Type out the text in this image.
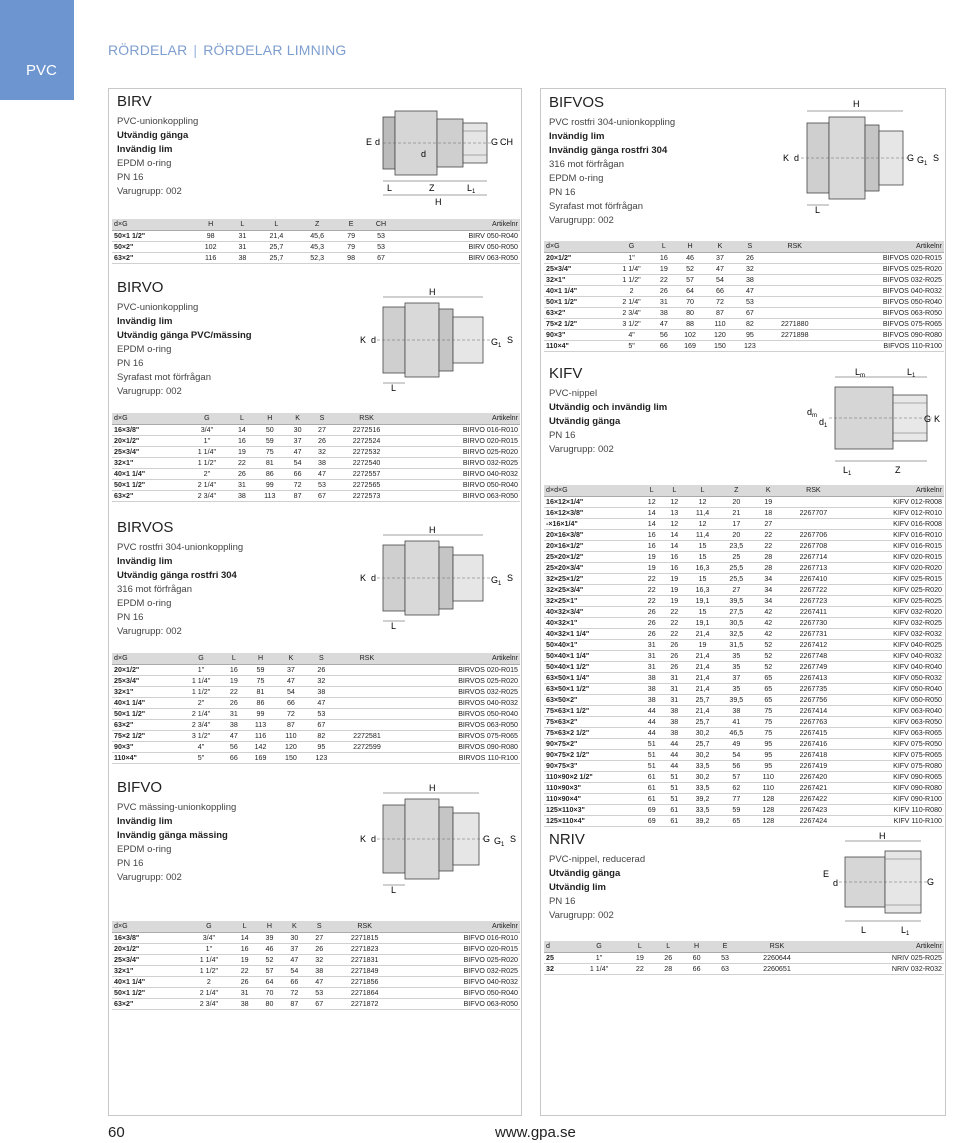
PVC
RÖRDELAR | RÖRDELAR LIMNING
BIRV
PVC-unionkoppling
Utvändig gänga
Invändig lim
EPDM o-ring
PN 16
Varugrupp: 002
E d	G CH
d
L	Z	$L_1$
H
d×G	H	L	L	Z	E	CH	Artikelnr
50×1 1/2"	98	31	21,4	45,6	79	53	BIRV 050-R040
50×2"	102	31	25,7	45,3	79	53	BIRV 050-R050
63×2"	116	38	25,7	52,3	98	67	BIRV 063-R050
BIRVO
PVC-unionkoppling
Invändig lim
Utvändig gänga PVC/mässing
EPDM o-ring
PN 16
Syrafast mot förfrågan
Varugrupp: 002
H
K d	$G_1$
S
L
d×G	G	L	H	K	S	RSK	Artikelnr
16×3/8"	3/4"	14	50	30	27	2272516	BIRVO 016-R010
20×1/2"	1"	16	59	37	26	2272524	BIRVO 020-R015
25×3/4"	1 1/4"	19	75	47	32	2272532	BIRVO 025-R020
32×1"	1 1/2"	22	81	54	38	2272540	BIRVO 032-R025
40×1 1/4"	2"	26	86	66	47	2272557	BIRVO 040-R032
50×1 1/2"	2 1/4"	31	99	72	53	2272565	BIRVO 050-R040
63×2"	2 3/4"	38	113	87	67	2272573	BIRVO 063-R050
BIRVOS
PVC rostfri 304-unionkoppling
Invändig lim
Utvändig gänga rostfri 304
316 mot förfrågan
EPDM o-ring
PN 16
Varugrupp: 002
H
K d	$G_1$
S
L
d×G	G	L	H	K	S	RSK	Artikelnr
20×1/2"	1"	16	59	37	26		BIRVOS 020-R015
25×3/4"	1 1/4"	19	75	47	32		BIRVOS 025-R020
32×1"	1 1/2"	22	81	54	38		BIRVOS 032-R025
40×1 1/4"	2"	26	86	66	47		BIRVOS 040-R032
50×1 1/2"	2 1/4"	31	99	72	53		BIRVOS 050-R040
63×2"	2 3/4"	38	113	87	67		BIRVOS 063-R050
75×2 1/2"	3 1/2"	47	116	110	82	2272581	BIRVOS 075-R065
90×3"	4"	56	142	120	95	2272599	BIRVOS 090-R080
110×4"	5"	66	169	150	123		BIRVOS 110-R100
BIFVO
PVC mässing-unionkoppling
Invändig lim
Invändig gänga mässing
EPDM o-ring
PN 16
Varugrupp: 002
H
K d	G $G_1$
S
L
d×G	G	L	H	K	S	RSK	Artikelnr
16×3/8"	3/4"	14	39	30	27	2271815	BIFVO 016-R010
20×1/2"	1"	16	46	37	26	2271823	BIFVO 020-R015
25×3/4"	1 1/4"	19	52	47	32	2271831	BIFVO 025-R020
32×1"	1 1/2"	22	57	54	38	2271849	BIFVO 032-R025
40×1 1/4"	2	26	64	66	47	2271856	BIFVO 040-R032
50×1 1/2"	2 1/4"	31	70	72	53	2271864	BIFVO 050-R040
63×2"	2 3/4"	38	80	87	67	2271872	BIFVO 063-R050
BIFVOS
PVC rostfri 304-unionkoppling
Invändig lim
Invändig gänga rostfri 304
316 mot förfrågan
EPDM o-ring
PN 16
Syrafast mot förfrågan
Varugrupp: 002
H
K d	G $G_1$
S
L
d×G	G	L	H	K	S	RSK	Artikelnr
20×1/2"	1"	16	46	37	26		BIFVOS 020-R015
25×3/4"	1 1/4"	19	52	47	32		BIFVOS 025-R020
32×1"	1 1/2"	22	57	54	38		BIFVOS 032-R025
40×1 1/4"	2	26	64	66	47		BIFVOS 040-R032
50×1 1/2"	2 1/4"	31	70	72	53		BIFVOS 050-R040
63×2"	2 3/4"	38	80	87	67		BIFVOS 063-R050
75×2 1/2"	3 1/2"	47	88	110	82	2271880	BIFVOS 075-R065
90×3"	4"	56	102	120	95	2271898	BIFVOS 090-R080
110×4"	5"	66	169	150	123		BIFVOS 110-R100
KIFV
PVC-nippel
Utvändig och invändig lim
Utvändig gänga
PN 16
Varugrupp: 002
$L_m$	$L_1$
$d_m$
$d_1$
G K
$L_1$	Z
d×d×G	L	L	L	Z	K	RSK	Artikelnr
16×12×1/4"	12	12	12	20	19		KIFV 012-R008
16×12×3/8"	14	13	11,4	21	18	2267707	KIFV 012-R010
-×16×1/4"	14	12	12	17	27		KIFV 016-R008
20×16×3/8"	16	14	11,4	20	22	2267706	KIFV 016-R010
20×16×1/2"	16	14	15	23,5	22	2267708	KIFV 016-R015
25×20×1/2"	19	16	15	25	28	2267714	KIFV 020-R015
25×20×3/4"	19	16	16,3	25,5	28	2267713	KIFV 020-R020
32×25×1/2"	22	19	15	25,5	34	2267410	KIFV 025-R015
32×25×3/4"	22	19	16,3	27	34	2267722	KIFV 025-R020
32×25×1"	22	19	19,1	39,5	34	2267723	KIFV 025-R025
40×32×3/4"	26	22	15	27,5	42	2267411	KIFV 032-R020
40×32×1"	26	22	19,1	30,5	42	2267730	KIFV 032-R025
40×32×1 1/4"	26	22	21,4	32,5	42	2267731	KIFV 032-R032
50×40×1"	31	26	19	31,5	52	2267412	KIFV 040-R025
50×40×1 1/4"	31	26	21,4	35	52	2267748	KIFV 040-R032
50×40×1 1/2"	31	26	21,4	35	52	2267749	KIFV 040-R040
63×50×1 1/4"	38	31	21,4	37	65	2267413	KIFV 050-R032
63×50×1 1/2"	38	31	21,4	35	65	2267735	KIFV 050-R040
63×50×2"	38	31	25,7	39,5	65	2267756	KIFV 050-R050
75×63×1 1/2"	44	38	21,4	38	75	2267414	KIFV 063-R040
75×63×2"	44	38	25,7	41	75	2267763	KIFV 063-R050
75×63×2 1/2"	44	38	30,2	46,5	75	2267415	KIFV 063-R065
90×75×2"	51	44	25,7	49	95	2267416	KIFV 075-R050
90×75×2 1/2"	51	44	30,2	54	95	2267418	KIFV 075-R065
90×75×3"	51	44	33,5	56	95	2267419	KIFV 075-R080
110×90×2 1/2"	61	51	30,2	57	110	2267420	KIFV 090-R065
110×90×3"	61	51	33,5	62	110	2267421	KIFV 090-R080
110×90×4"	61	51	39,2	77	128	2267422	KIFV 090-R100
125×110×3"	69	61	33,5	59	128	2267423	KIFV 110-R080
125×110×4"	69	61	39,2	65	128	2267424	KIFV 110-R100
NRIV
PVC-nippel, reducerad
Utvändig gänga
Utvändig lim
PN 16
Varugrupp: 002
H
E
d	G
L	$L_1$
d	G	L	L	H	E	RSK	Artikelnr
25	1"	19	26	60	53	2260644	NRIV 025-R025
32	1 1/4"	22	28	66	63	2260651	NRIV 032-R032
60	www.gpa.se
